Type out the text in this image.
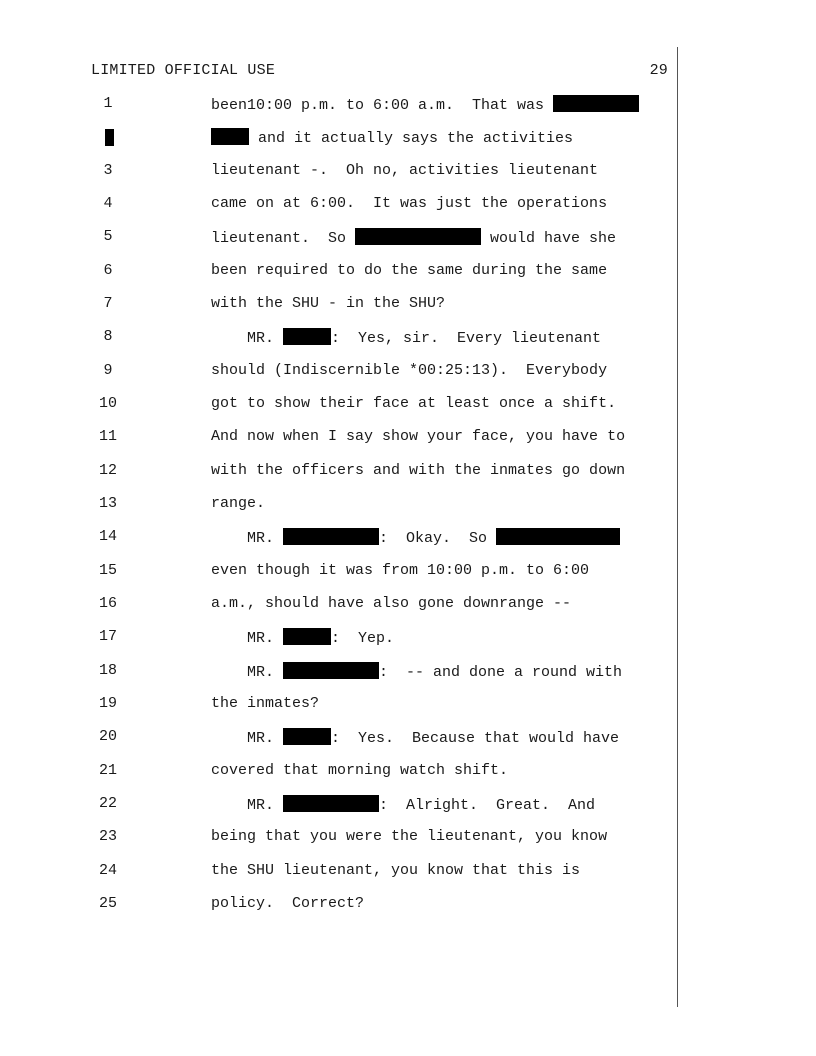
LIMITED OFFICIAL USE	29
1	been10:00 p.m. to 6:00 a.m.  That was
and it actually says the activities
3	lieutenant -.  Oh no, activities lieutenant
4	came on at 6:00.  It was just the operations
5	lieutenant.  So	would have she
6	been required to do the same during the same
7	with the SHU - in the SHU?
8	MR.	:  Yes, sir.  Every lieutenant
9	should (Indiscernible *00:25:13).  Everybody
10	got to show their face at least once a shift.
11	And now when I say show your face, you have to
12	with the officers and with the inmates go down
13	range.
14	MR.	:  Okay.  So
15	even though it was from 10:00 p.m. to 6:00
16	a.m., should have also gone downrange --
17	MR.	:  Yep.
18	MR.	:  -- and done a round with
19	the inmates?
20	MR.	:  Yes.  Because that would have
21	covered that morning watch shift.
22	MR.	:  Alright.  Great.  And
23	being that you were the lieutenant, you know
24	the SHU lieutenant, you know that this is
25	policy.  Correct?
